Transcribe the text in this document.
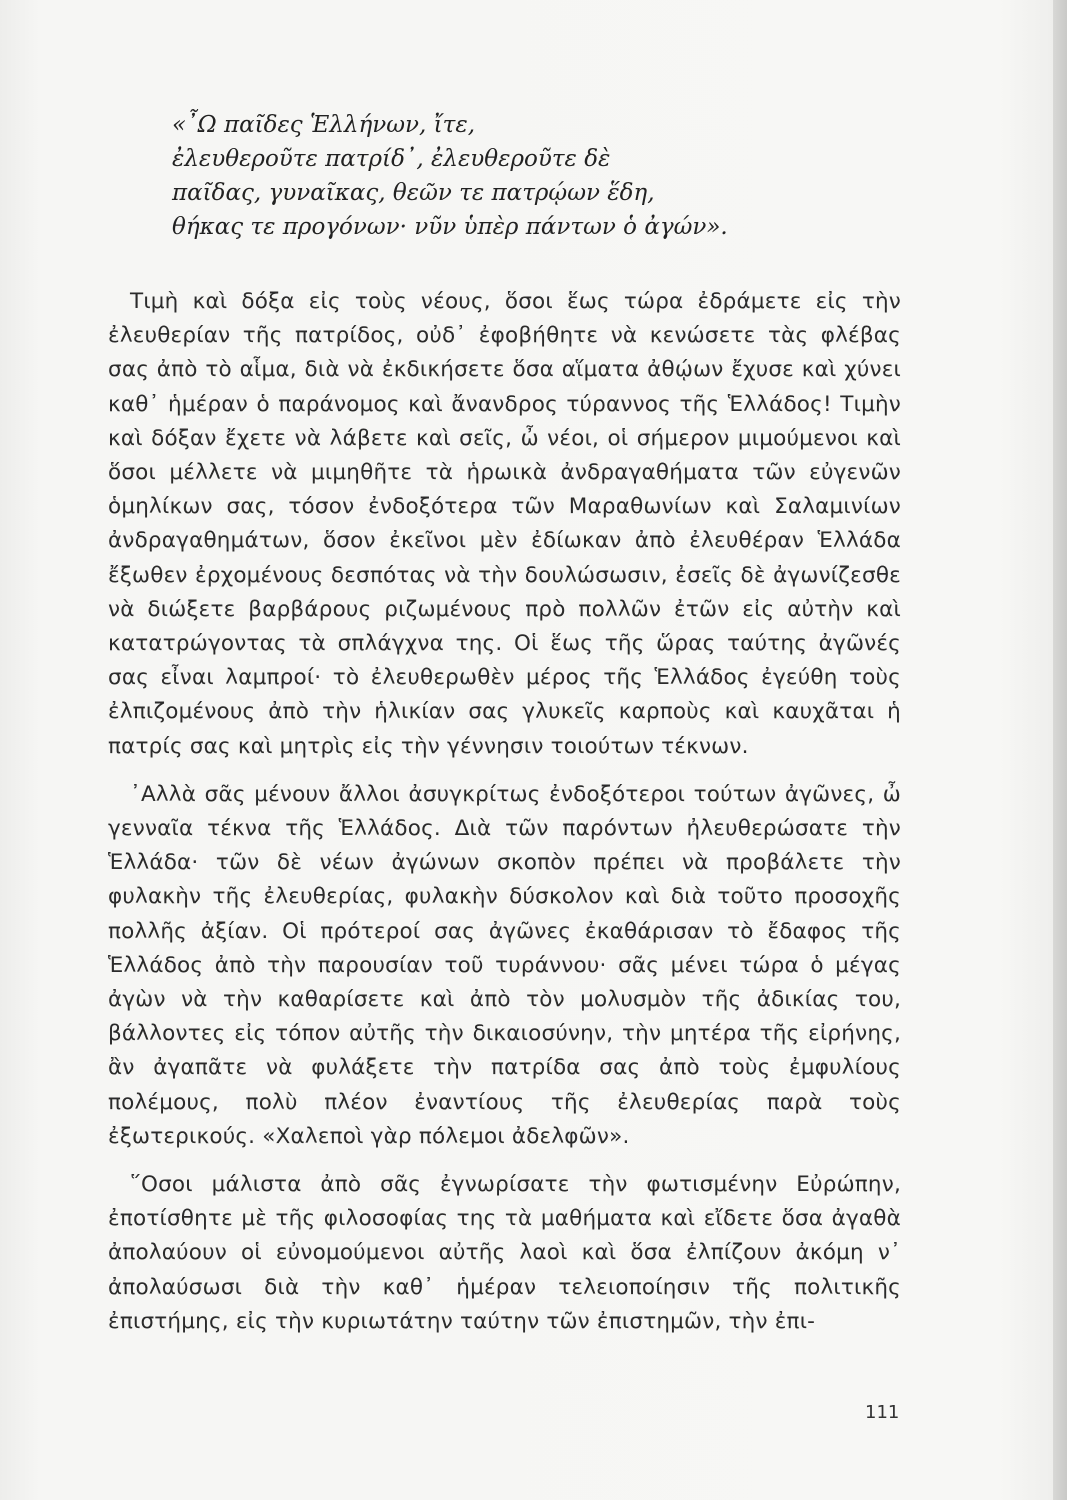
«῏Ω παῖδες Ἑλλήνων, ἴτε,
ἐλευθεροῦτε πατρίδ᾽, ἐλευθεροῦτε δὲ
παῖδας, γυναῖκας, θεῶν τε πατρῴων ἕδη,
θήκας τε προγόνων· νῦν ὑπὲρ πάντων ὁ ἀγών».

Τιμὴ καὶ δόξα εἰς τοὺς νέους, ὅσοι ἕως τώρα ἐδράμετε εἰς τὴν ἐλευθερίαν τῆς πατρίδος, οὐδ᾽ ἐφοβήθητε νὰ κενώσετε τὰς φλέβας σας ἀπὸ τὸ αἷμα, διὰ νὰ ἐκδικήσετε ὅσα αἵματα ἀθῴων ἔχυσε καὶ χύνει καθ᾽ ἡμέραν ὁ παράνομος καὶ ἄνανδρος τύραννος τῆς Ἑλλάδος! Τιμὴν καὶ δόξαν ἔχετε νὰ λάβετε καὶ σεῖς, ὦ νέοι, οἱ σήμερον μιμούμενοι καὶ ὅσοι μέλλετε νὰ μιμηθῆτε τὰ ἡρωικὰ ἀνδραγαθήματα τῶν εὐγενῶν ὁμηλίκων σας, τόσον ἐνδοξότερα τῶν Μαραθωνίων καὶ Σαλαμινίων ἀνδραγαθημάτων, ὅσον ἐκεῖνοι μὲν ἐδίωκαν ἀπὸ ἐλευθέραν Ἑλλάδα ἔξωθεν ἐρχομένους δεσπότας νὰ τὴν δουλώσωσιν, ἐσεῖς δὲ ἀγωνίζεσθε νὰ διώξετε βαρβάρους ριζωμένους πρὸ πολλῶν ἐτῶν εἰς αὐτὴν καὶ κατατρώγοντας τὰ σπλάγχνα της. Οἱ ἕως τῆς ὥρας ταύτης ἀγῶνές σας εἶναι λαμπροί· τὸ ἐλευθερωθὲν μέρος τῆς Ἑλλάδος ἐγεύθη τοὺς ἐλπιζομένους ἀπὸ τὴν ἡλικίαν σας γλυκεῖς καρποὺς καὶ καυχᾶται ἡ πατρίς σας καὶ μητρὶς εἰς τὴν γέννησιν τοιούτων τέκνων.

᾽Αλλὰ σᾶς μένουν ἄλλοι ἀσυγκρίτως ἐνδοξότεροι τούτων ἀγῶνες, ὦ γενναῖα τέκνα τῆς Ἑλλάδος. Διὰ τῶν παρόντων ἠλευθερώσατε τὴν Ἑλλάδα· τῶν δὲ νέων ἀγώνων σκοπὸν πρέπει νὰ προβάλετε τὴν φυλακὴν τῆς ἐλευθερίας, φυλακὴν δύσκολον καὶ διὰ τοῦτο προσοχῆς πολλῆς ἀξίαν. Οἱ πρότεροί σας ἀγῶνες ἐκαθάρισαν τὸ ἔδαφος τῆς Ἑλλάδος ἀπὸ τὴν παρουσίαν τοῦ τυράννου· σᾶς μένει τώρα ὁ μέγας ἀγὼν νὰ τὴν καθαρίσετε καὶ ἀπὸ τὸν μολυσμὸν τῆς ἀδικίας του, βάλλοντες εἰς τόπον αὐτῆς τὴν δικαιοσύνην, τὴν μητέρα τῆς εἰρήνης, ἂν ἀγαπᾶτε νὰ φυλάξετε τὴν πατρίδα σας ἀπὸ τοὺς ἐμφυλίους πολέμους, πολὺ πλέον ἐναντίους τῆς ἐλευθερίας παρὰ τοὺς ἐξωτερικούς. «Χαλεποὶ γὰρ πόλεμοι ἀδελφῶν».

῞Οσοι μάλιστα ἀπὸ σᾶς ἐγνωρίσατε τὴν φωτισμένην Εὐρώπην, ἐποτίσθητε μὲ τῆς φιλοσοφίας της τὰ μαθήματα καὶ εἴδετε ὅσα ἀγαθὰ ἀπολαύουν οἱ εὐνομούμενοι αὐτῆς λαοὶ καὶ ὅσα ἐλπίζουν ἀκόμη ν᾽ ἀπολαύσωσι διὰ τὴν καθ᾽ ἡμέραν τελειοποίησιν τῆς πολιτικῆς ἐπιστήμης, εἰς τὴν κυριωτάτην ταύτην τῶν ἐπιστημῶν, τὴν ἐπι-

111
